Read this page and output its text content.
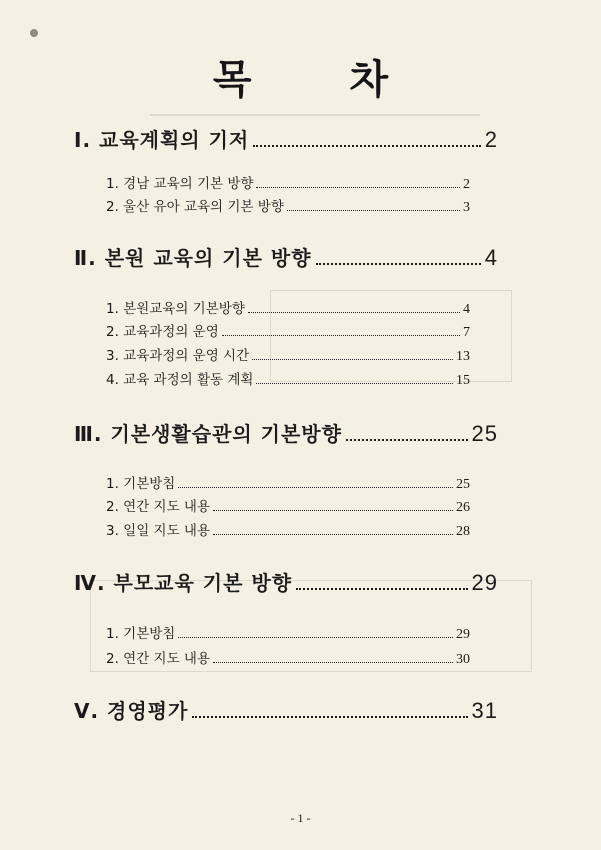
목 차
Ⅰ. 교육계획의 기저	2
1. 경남 교육의 기본 방향	2
2. 울산 유아 교육의 기본 방향	3
Ⅱ. 본원 교육의 기본 방향	4
1. 본원교육의 기본방향	4
2. 교육과정의 운영	7
3. 교육과정의 운영 시간	13
4. 교육 과정의 활동 계획	15
Ⅲ. 기본생활습관의 기본방향	25
1. 기본방침	25
2. 연간 지도 내용	26
3. 일일 지도 내용	28
Ⅳ. 부모교육 기본 방향	29
1. 기본방침	29
2. 연간 지도 내용	30
Ⅴ. 경영평가	31
- 1 -
